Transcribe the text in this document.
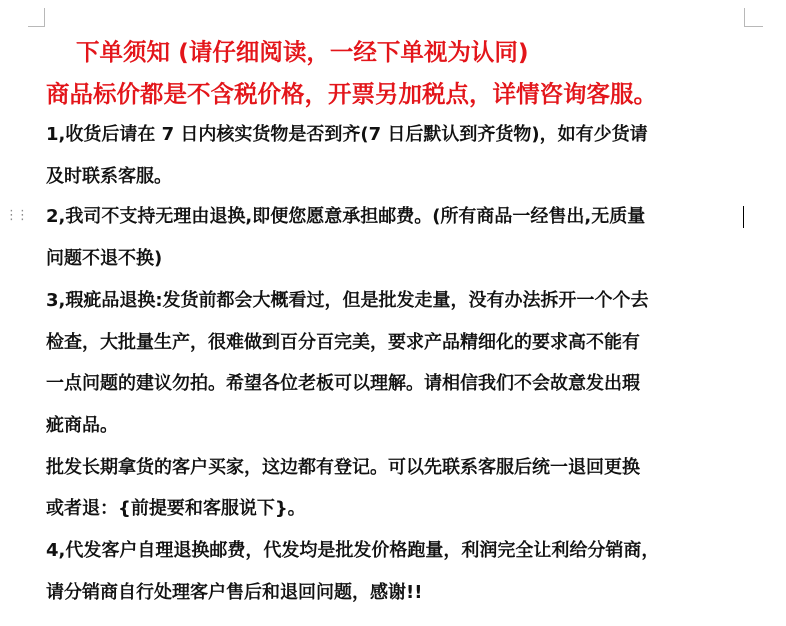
⋮⋮
下单须知 (请仔细阅读，一经下单视为认同)
商品标价都是不含税价格，开票另加税点，详情咨询客服。
1,收货后请在 7 日内核实货物是否到齐(7 日后默认到齐货物)，如有少货请
及时联系客服。
2,我司不支持无理由退换,即便您愿意承担邮费。(所有商品一经售出,无质量
问题不退不换)
3,瑕疵品退换:发货前都会大概看过，但是批发走量，没有办法拆开一个个去
检查，大批量生产，很难做到百分百完美，要求产品精细化的要求高不能有
一点问题的建议勿拍。希望各位老板可以理解。请相信我们不会故意发出瑕
疵商品。
批发长期拿货的客户买家，这边都有登记。可以先联系客服后统一退回更换
或者退：{前提要和客服说下}。
4,代发客户自理退换邮费，代发均是批发价格跑量，利润完全让利给分销商，
请分销商自行处理客户售后和退回问题，感谢!!
